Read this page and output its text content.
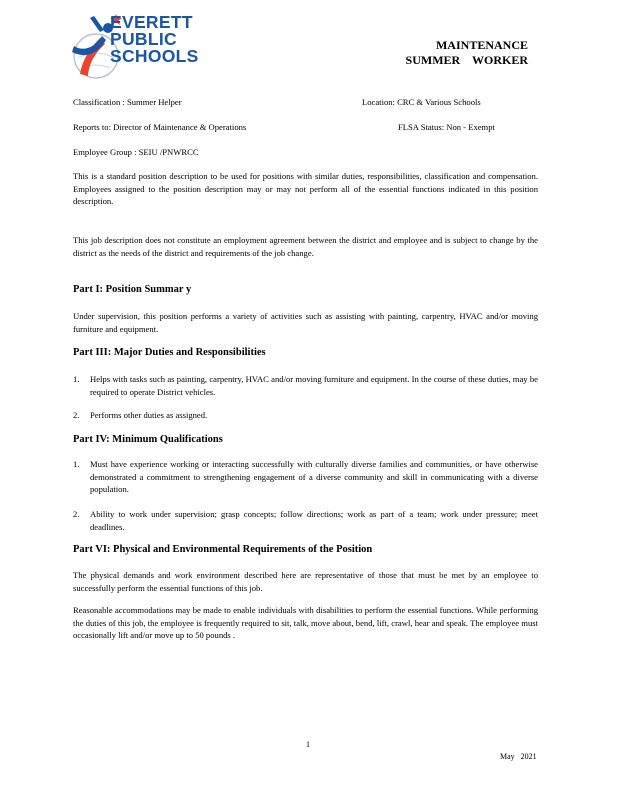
EVERETT
PUBLIC
SCHOOLS
MAINTENANCE
SUMMER    WORKER
Classification : Summer Helper	Location: CRC & Various Schools
Reports to: Director of Maintenance & Operations	FLSA Status: Non - Exempt
Employee Group : SEIU /PNWRCC
This is a standard position description to be used for positions with similar duties, responsibilities, classification and compensation. Employees assigned to the position description may or may not perform all of the essential functions indicated in this position description.
This job description does not constitute an employment agreement between the district and employee and is subject to change by the district as the needs of the district and requirements of the job change.
Part I: Position Summar y
Under supervision, this position performs a variety of activities such as assisting with painting, carpentry, HVAC and/or moving furniture and equipment.
Part III: Major Duties and Responsibilities
1. Helps with tasks such as painting, carpentry, HVAC and/or moving furniture and equipment. In the course of these duties, may be required to operate District vehicles.
2. Performs other duties as assigned.
Part IV: Minimum Qualifications
1. Must have experience working or interacting successfully with culturally diverse families and communities, or have otherwise demonstrated a commitment to strengthening engagement of a diverse community and skill in communicating with a diverse population.
2. Ability to work under supervision; grasp concepts; follow directions; work as part of a team; work under pressure; meet deadlines.
Part VI: Physical and Environmental Requirements of the Position
The physical demands and work environment described here are representative of those that must be met by an employee to successfully perform the essential functions of this job.
Reasonable accommodations may be made to enable individuals with disabilities to perform the essential functions. While performing the duties of this job, the employee is frequently required to sit, talk, move about, bend, lift, crawl, hear and speak. The employee must occasionally lift and/or move up to 50 pounds .
1
May   2021
